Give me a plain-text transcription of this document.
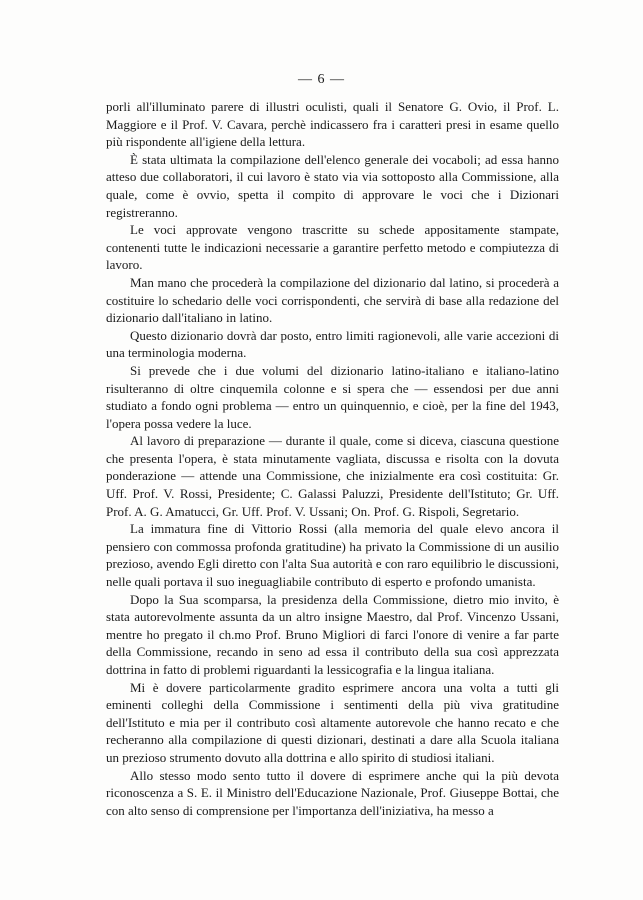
— 6 —

porli all'illuminato parere di illustri oculisti, quali il Senatore G. Ovio, il Prof. L. Maggiore e il Prof. V. Cavara, perchè indicassero fra i caratteri presi in esame quello più rispondente all'igiene della lettura.

È stata ultimata la compilazione dell'elenco generale dei vocaboli; ad essa hanno atteso due collaboratori, il cui lavoro è stato via via sottoposto alla Commissione, alla quale, come è ovvio, spetta il compito di approvare le voci che i Dizionari registreranno.

Le voci approvate vengono trascritte su schede appositamente stampate, contenenti tutte le indicazioni necessarie a garantire perfetto metodo e compiutezza di lavoro.

Man mano che procederà la compilazione del dizionario dal latino, si procederà a costituire lo schedario delle voci corrispondenti, che servirà di base alla redazione del dizionario dall'italiano in latino.

Questo dizionario dovrà dar posto, entro limiti ragionevoli, alle varie accezioni di una terminologia moderna.

Si prevede che i due volumi del dizionario latino-italiano e italiano-latino risulteranno di oltre cinquemila colonne e si spera che — essendosi per due anni studiato a fondo ogni problema — entro un quinquennio, e cioè, per la fine del 1943, l'opera possa vedere la luce.

Al lavoro di preparazione — durante il quale, come si diceva, ciascuna questione che presenta l'opera, è stata minutamente vagliata, discussa e risolta con la dovuta ponderazione — attende una Commissione, che inizialmente era così costituita: Gr. Uff. Prof. V. Rossi, Presidente; C. Galassi Paluzzi, Presidente dell'Istituto; Gr. Uff. Prof. A. G. Amatucci, Gr. Uff. Prof. V. Ussani; On. Prof. G. Rispoli, Segretario.

La immatura fine di Vittorio Rossi (alla memoria del quale elevo ancora il pensiero con commossa profonda gratitudine) ha privato la Commissione di un ausilio prezioso, avendo Egli diretto con l'alta Sua autorità e con raro equilibrio le discussioni, nelle quali portava il suo ineguagliabile contributo di esperto e profondo umanista.

Dopo la Sua scomparsa, la presidenza della Commissione, dietro mio invito, è stata autorevolmente assunta da un altro insigne Maestro, dal Prof. Vincenzo Ussani, mentre ho pregato il ch.mo Prof. Bruno Migliori di farci l'onore di venire a far parte della Commissione, recando in seno ad essa il contributo della sua così apprezzata dottrina in fatto di problemi riguardanti la lessicografia e la lingua italiana.

Mi è dovere particolarmente gradito esprimere ancora una volta a tutti gli eminenti colleghi della Commissione i sentimenti della più viva gratitudine dell'Istituto e mia per il contributo così altamente autorevole che hanno recato e che recheranno alla compilazione di questi dizionari, destinati a dare alla Scuola italiana un prezioso strumento dovuto alla dottrina e allo spirito di studiosi italiani.

Allo stesso modo sento tutto il dovere di esprimere anche qui la più devota riconoscenza a S. E. il Ministro dell'Educazione Nazionale, Prof. Giuseppe Bottai, che con alto senso di comprensione per l'importanza dell'iniziativa, ha messo a
